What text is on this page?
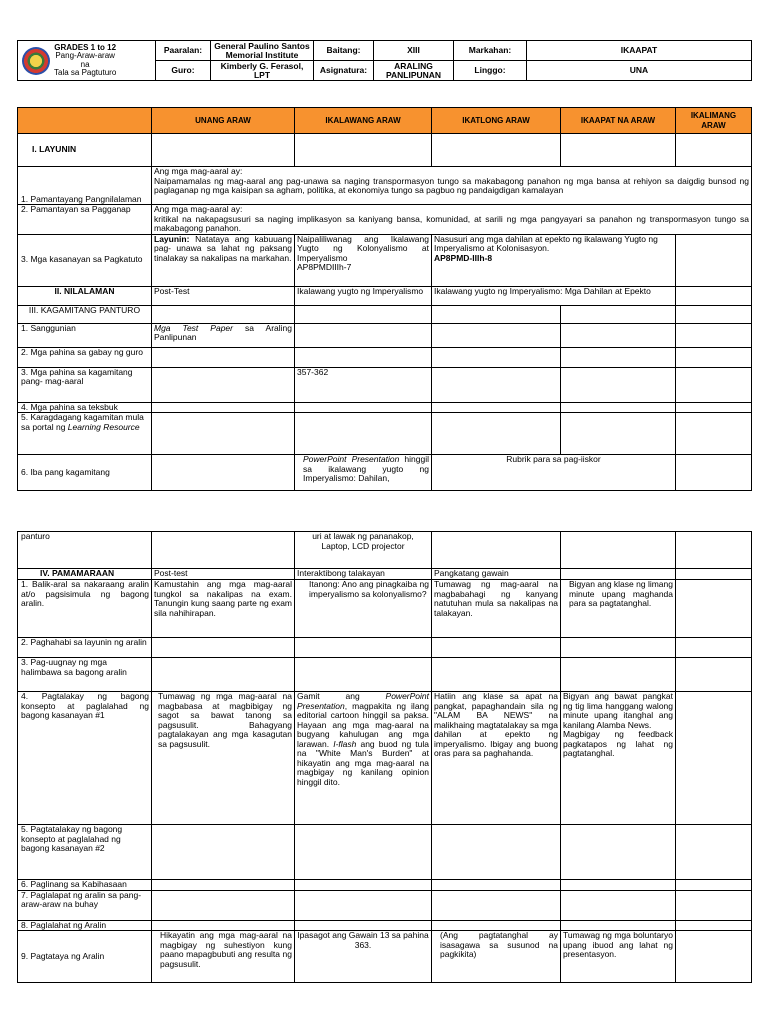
GRADES 1 to 12
Pang-Araw-araw
na
Tala sa Pagtuturo	Paaralan:	General Paulino Santos Memorial Institute	Baitang:	XIII	Markahan:	IKAAPAT
	Guro:	Kimberly G. Ferasol, LPT	Asignatura:	ARALING PANLIPUNAN	Linggo:	UNA
	UNANG ARAW	IKALAWANG ARAW	IKATLONG ARAW	IKAAPAT NA ARAW	IKALIMANG ARAW
I. LAYUNIN					
1. Pamantayang Pangnilalaman	Ang mga mag-aaral ay:
Naipamamalas ng mag-aaral ang pag-unawa sa naging transpormasyon tungo sa makabagong panahon ng mga bansa at rehiyon sa daigdig bunsod ng paglaganap ng mga kaisipan sa agham, politika, at ekonomiya tungo sa pagbuo ng pandaigdigan kamalayan				
2. Pamantayan sa Pagganap	Ang mga mag-aaral ay:
kritikal na nakapagsusuri sa naging implikasyon sa kaniyang bansa, komunidad, at sarili ng mga pangyayari sa panahon ng transpormasyon tungo sa makabagong panahon.				
3. Mga kasanayan sa Pagkatuto	Layunin: Natataya ang kabuuang pag- unawa sa lahat ng paksang tinalakay sa nakalipas na markahan.	Naipaliliwanag ang Ikalawang Yugto ng Kolonyalismo at Imperyalismo
AP8PMDIIIh-7	Nasusuri ang mga dahilan at epekto ng ikalawang Yugto ng Imperyalismo at Kolonisasyon.
AP8PMD-IIIh-8		
II. NILALAMAN	Post-Test	Ikalawang yugto ng Imperyalismo	Ikalawang yugto ng Imperyalismo: Mga Dahilan at Epekto		
III. KAGAMITANG PANTURO					
1. Sanggunian	Mga Test Paper sa Araling Panlipunan				
2. Mga pahina sa gabay ng guro					
3. Mga pahina sa kagamitang pang- mag-aaral		357-362			
4. Mga pahina sa teksbuk					
5. Karagdagang kagamitan mula sa portal ng Learning Resource					
6. Iba pang kagamitang		PowerPoint Presentation hinggil sa ikalawang yugto ng Imperyalismo: Dahilan,	Rubrik para sa pag-iiskor		
panturo		uri at lawak ng pananakop, Laptop, LCD projector			
IV. PAMAMARAAN	Post-test	Interaktibong talakayan	Pangkatang gawain		
1. Balik-aral sa nakaraang aralin at/o pagsisimula ng bagong aralin.	Kamustahin ang mga mag-aaral tungkol sa nakalipas na exam. Tanungin kung saang parte ng exam sila nahihirapan.	Itanong: Ano ang pinagkaiba ng imperyalismo sa kolonyalismo?	Tumawag ng mag-aaral na magbabahagi ng kanyang natutuhan mula sa nakalipas na talakayan.	Bigyan ang klase ng limang minute upang maghanda para sa pagtatanghal.	
2. Paghahabi sa layunin ng aralin					
3. Pag-uugnay ng mga halimbawa sa bagong aralin					
4. Pagtalakay ng bagong konsepto at paglalahad ng bagong kasanayan #1	Tumawag ng mga mag-aaral na magbabasa at magbibigay ng sagot sa bawat tanong sa pagsusulit. Bahagyang pagtalakayan ang mga kasagutan sa pagsusulit.	Gamit ang PowerPoint Presentation, magpakita ng ilang editorial cartoon hinggil sa paksa. Hayaan ang mga mag-aaral na bugyang kahulugan ang mga larawan. I-flash ang buod ng tula na "White Man's Burden" at hikayatin ang mga mag-aaral na magbigay ng kanilang opinion hinggil dito.	Hatiin ang klase sa apat na pangkat, papaghandain sila ng "ALAM BA NEWS" na malikhaing magtatalakay sa mga dahilan at epekto ng imperyalismo. Ibigay ang buong oras para sa paghahanda.	Bigyan ang bawat pangkat ng tig lima hanggang walong minute upang itanghal ang kanilang Alamba News.
Magbigay ng feedback pagkatapos ng lahat ng pagtatanghal.	
5. Pagtatalakay ng bagong konsepto at paglalahad ng bagong kasanayan #2					
6. Paglinang sa Kabihasaan					
7. Paglalapat ng aralin sa pang- araw-araw na buhay					
8. Paglalahat ng Aralin					
9. Pagtataya ng Aralin	Hikayatin ang mga mag-aaral na magbigay ng suhestiyon kung paano mapagbubuti ang resulta ng pagsusulit.	Ipasagot ang Gawain 13 sa pahina 363.	(Ang pagtatanghal ay isasagawa sa susunod na pagkikita)	Tumawag ng mga boluntaryo upang ibuod ang lahat ng presentasyon.	
